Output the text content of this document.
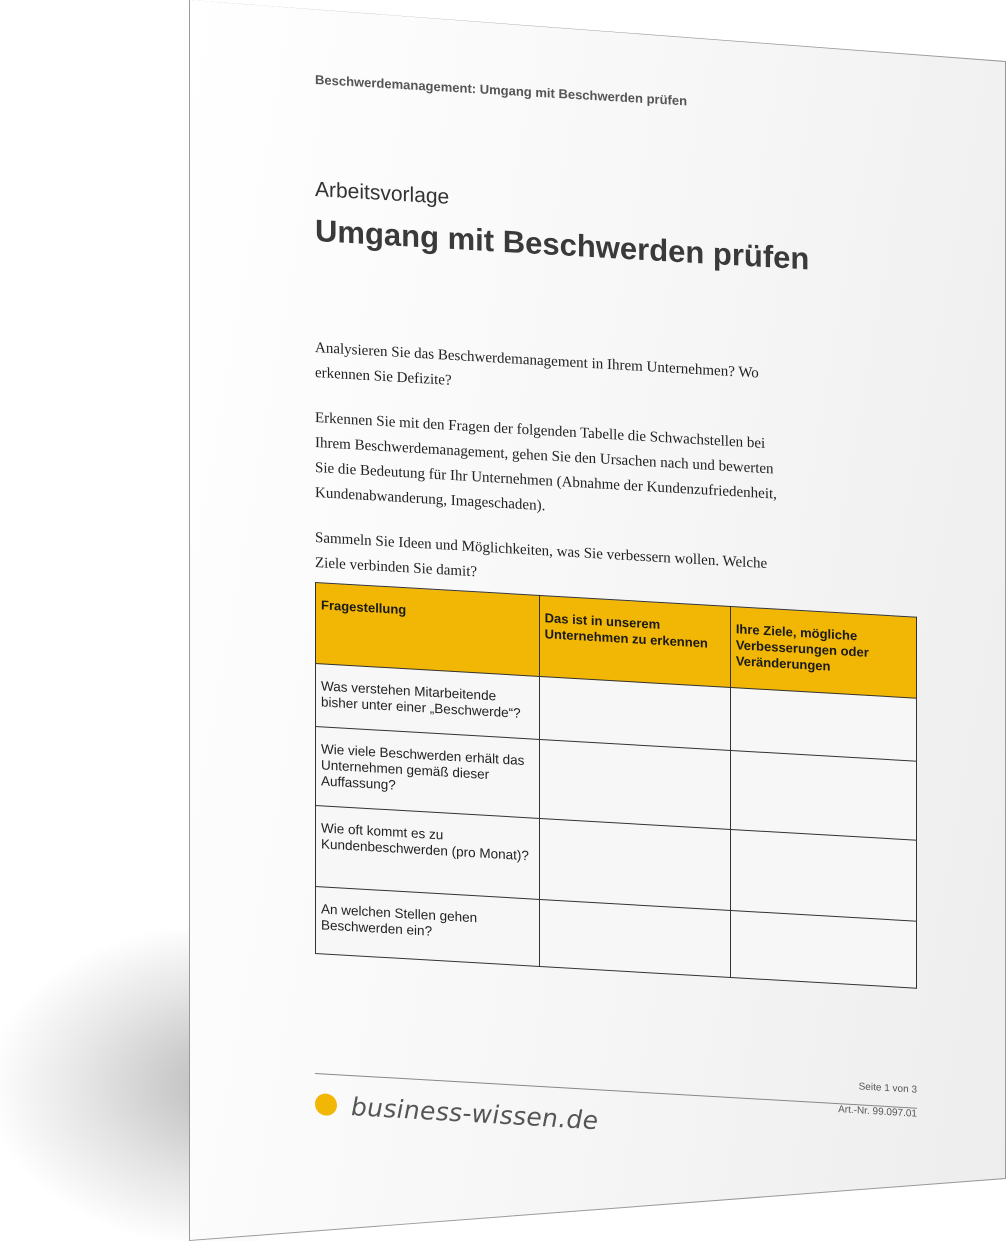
Beschwerdemanagement: Umgang mit Beschwerden prüfen
Arbeitsvorlage
Umgang mit Beschwerden prüfen
Analysieren Sie das Beschwerdemanagement in Ihrem Unternehmen? Wo erkennen Sie Defizite?
Erkennen Sie mit den Fragen der folgenden Tabelle die Schwachstellen bei Ihrem Beschwerdemanagement, gehen Sie den Ursachen nach und bewerten Sie die Bedeutung für Ihr Unternehmen (Abnahme der Kundenzufriedenheit, Kundenabwanderung, Imageschaden).
Sammeln Sie Ideen und Möglichkeiten, was Sie verbessern wollen. Welche Ziele verbinden Sie damit?
Fragestellung	Das ist in unserem Unternehmen zu erkennen	Ihre Ziele, mögliche Verbesserungen oder Veränderungen
Was verstehen Mitarbeitende bisher unter einer „Beschwerde“?		
Wie viele Beschwerden erhält das Unternehmen gemäß dieser Auffassung?		
Wie oft kommt es zu Kundenbeschwerden (pro Monat)?		
An welchen Stellen gehen Beschwerden ein?		
Seite 1 von 3
Art.-Nr. 99.097.01
business-wissen.de
